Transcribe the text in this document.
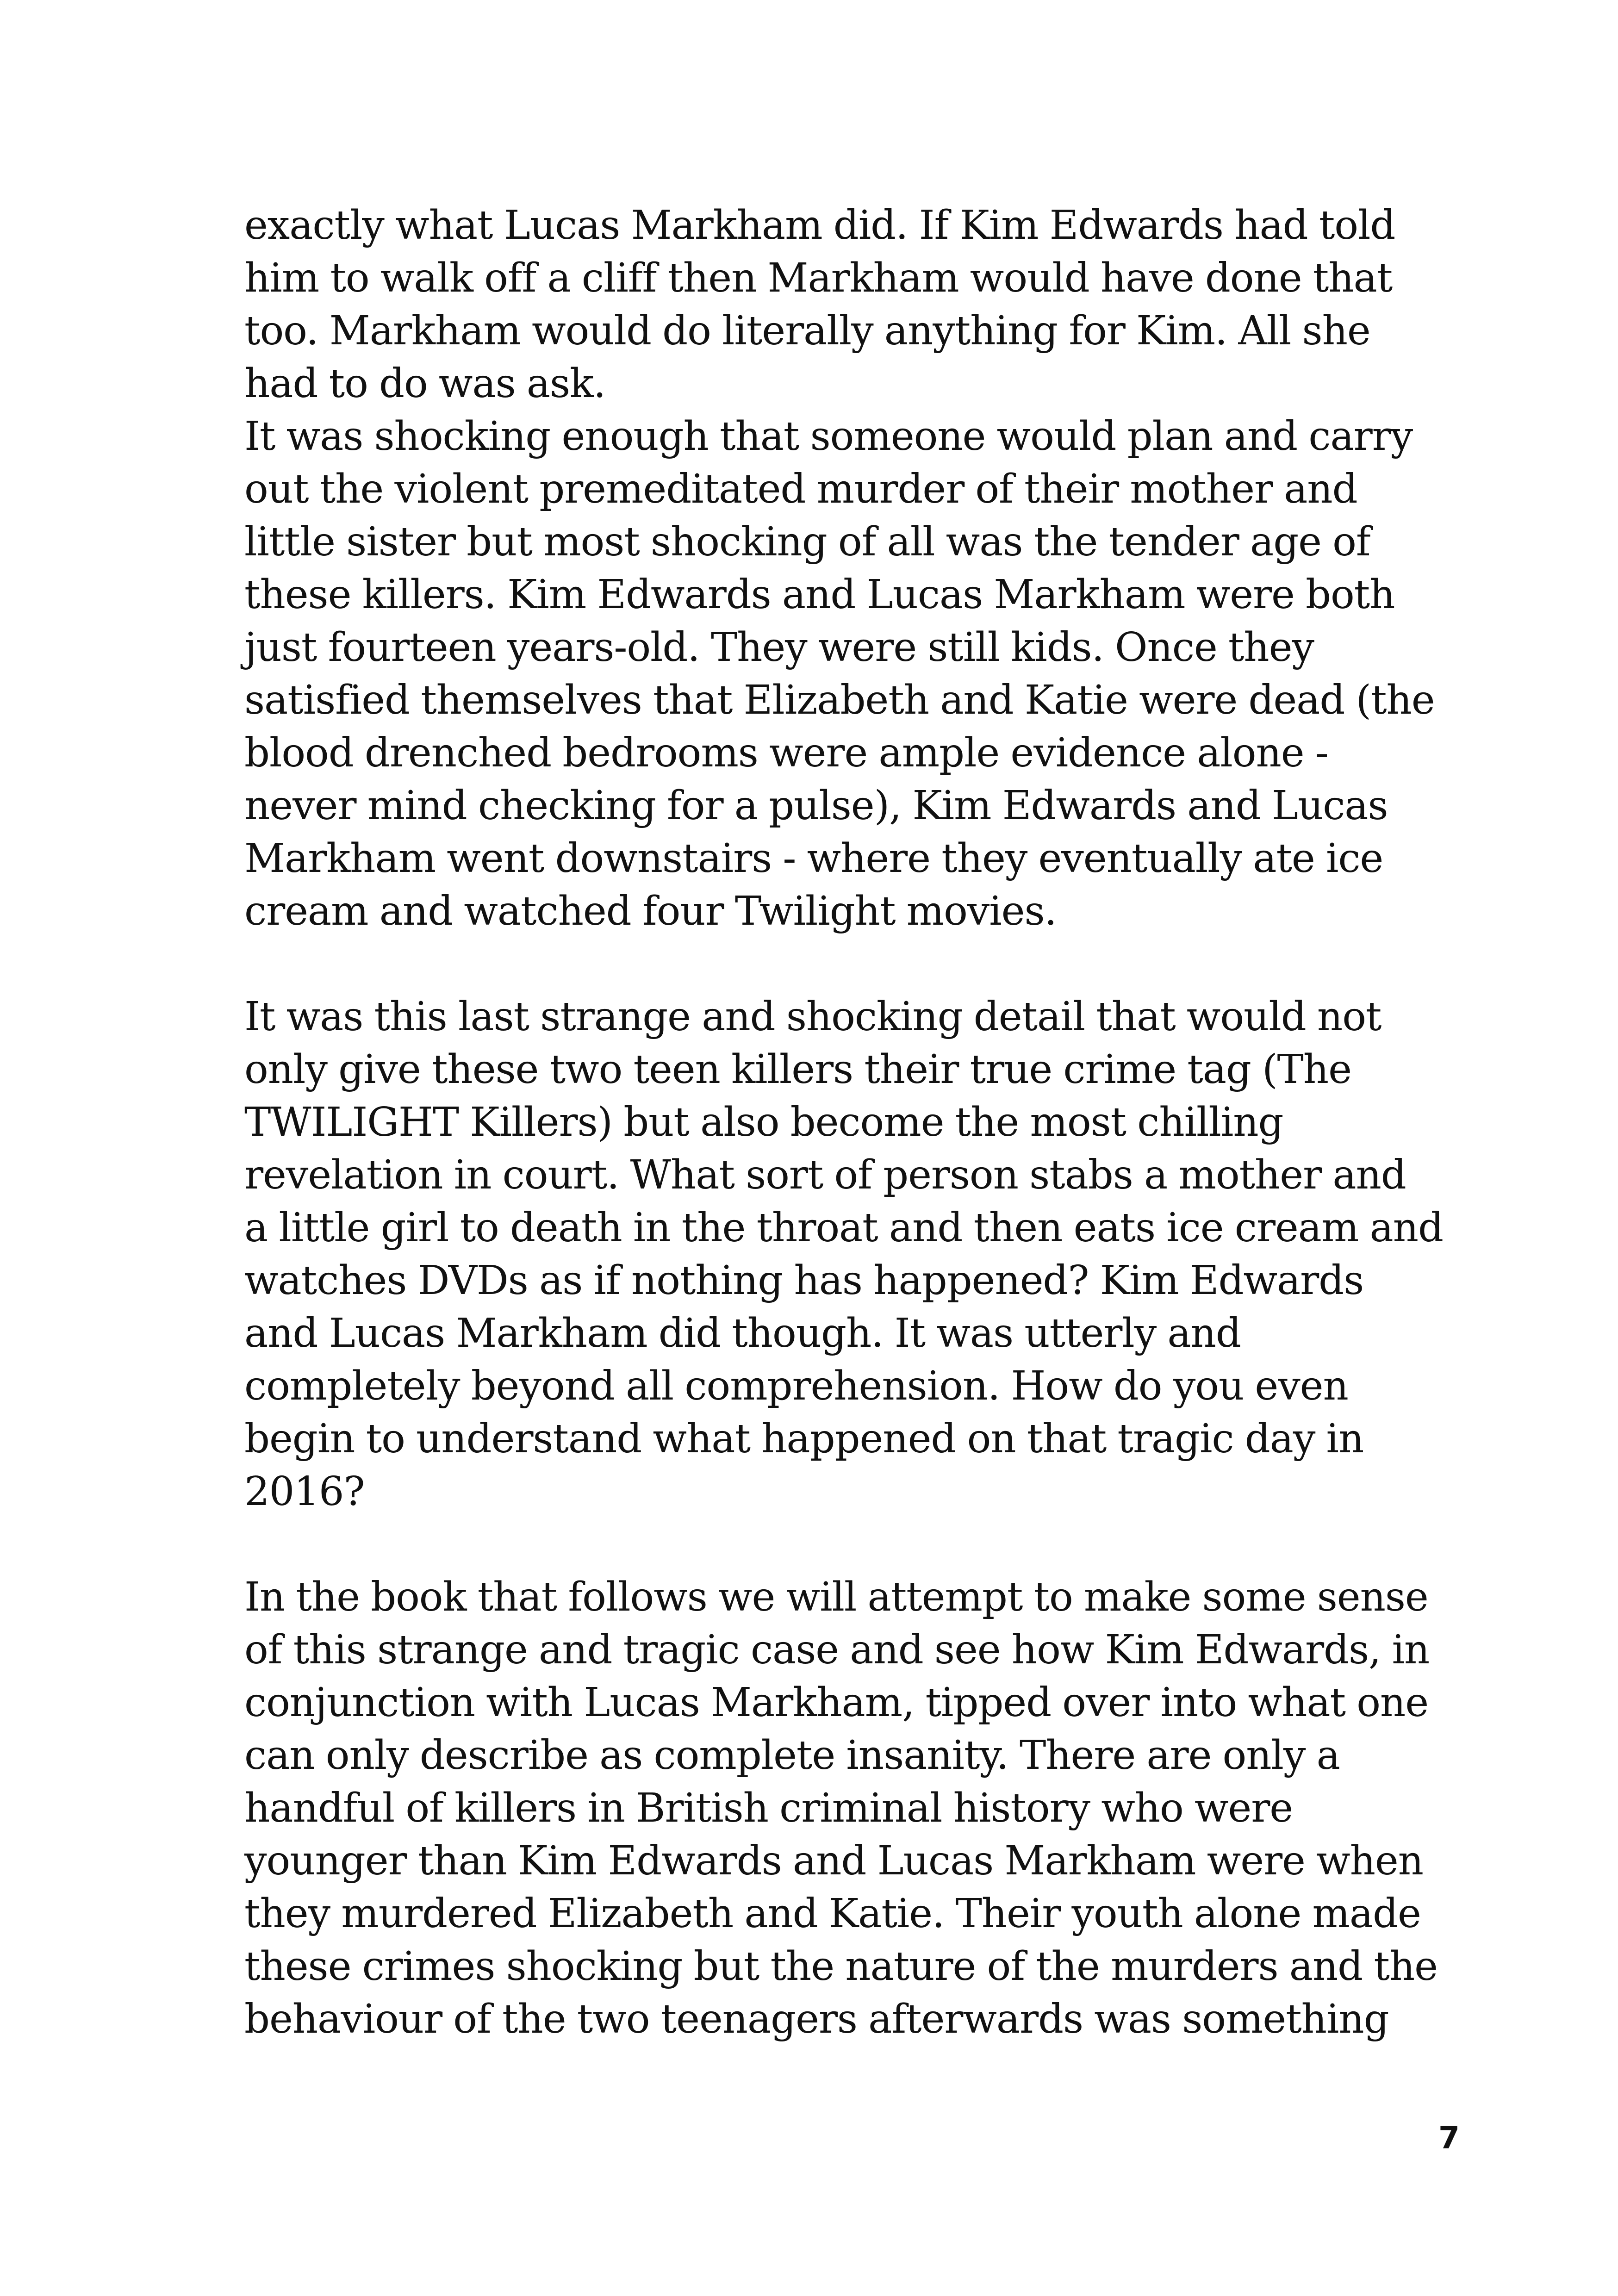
exactly what Lucas Markham did. If Kim Edwards had told
him to walk off a cliff then Markham would have done that
too. Markham would do literally anything for Kim. All she
had to do was ask.
It was shocking enough that someone would plan and carry
out the violent premeditated murder of their mother and
little sister but most shocking of all was the tender age of
these killers. Kim Edwards and Lucas Markham were both
just fourteen years-old. They were still kids. Once they
satisfied themselves that Elizabeth and Katie were dead (the
blood drenched bedrooms were ample evidence alone -
never mind checking for a pulse), Kim Edwards and Lucas
Markham went downstairs - where they eventually ate ice
cream and watched four Twilight movies.
It was this last strange and shocking detail that would not
only give these two teen killers their true crime tag (The
TWILIGHT Killers) but also become the most chilling
revelation in court. What sort of person stabs a mother and
a little girl to death in the throat and then eats ice cream and
watches DVDs as if nothing has happened? Kim Edwards
and Lucas Markham did though. It was utterly and
completely beyond all comprehension. How do you even
begin to understand what happened on that tragic day in
2016?
In the book that follows we will attempt to make some sense
of this strange and tragic case and see how Kim Edwards, in
conjunction with Lucas Markham, tipped over into what one
can only describe as complete insanity. There are only a
handful of killers in British criminal history who were
younger than Kim Edwards and Lucas Markham were when
they murdered Elizabeth and Katie. Their youth alone made
these crimes shocking but the nature of the murders and the
behaviour of the two teenagers afterwards was something
7
